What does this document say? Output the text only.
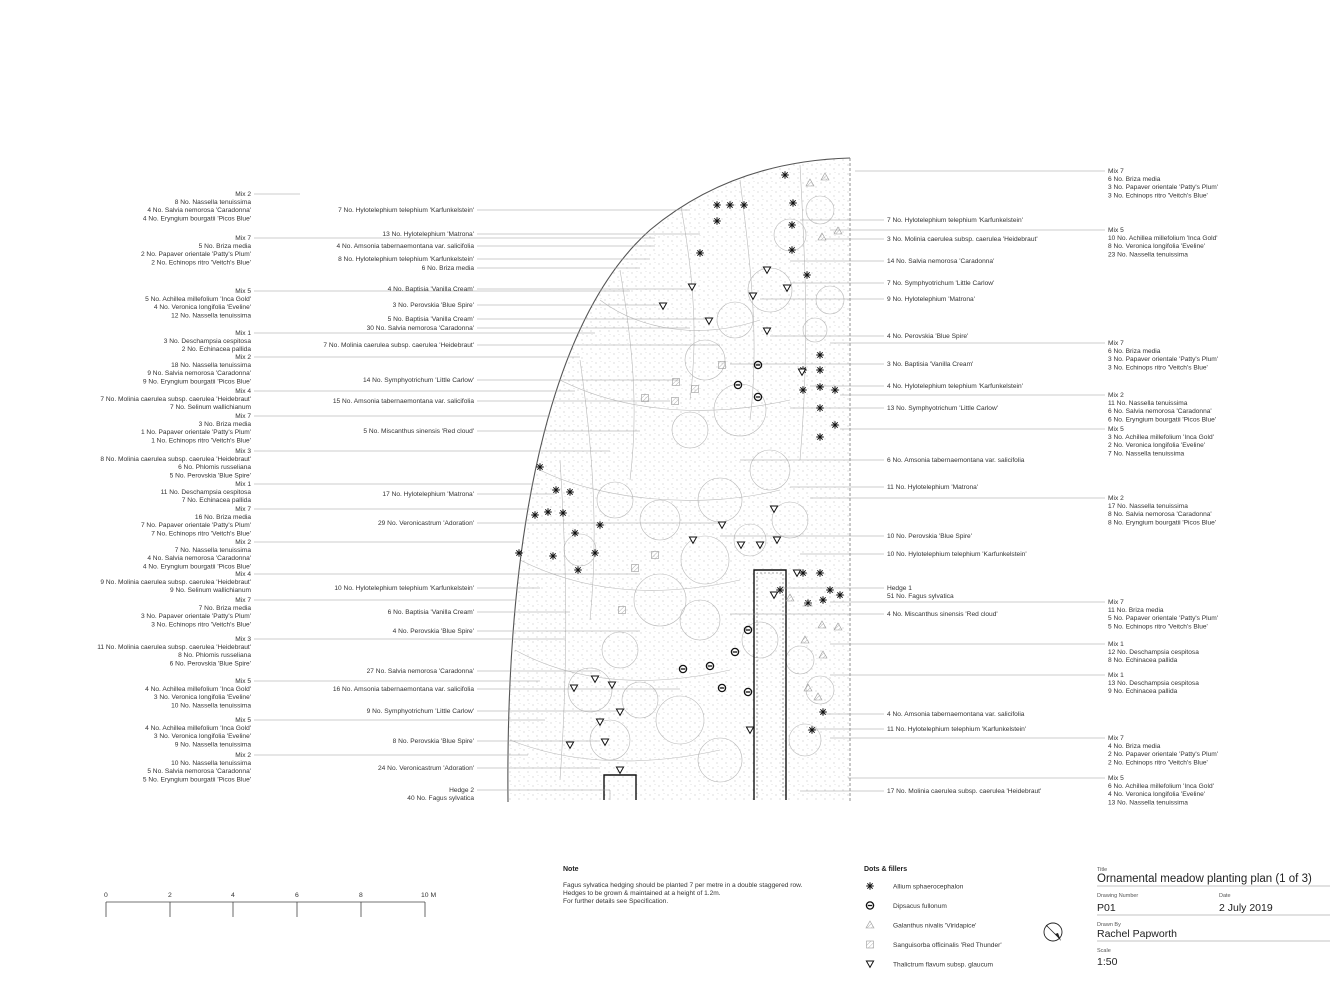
Mix 2
8 No. Nassella tenuissima
4 No. Salvia nemorosa 'Caradonna'
4 No. Eryngium bourgatii 'Picos Blue'
Mix 7
5 No. Briza media
2 No. Papaver orientale 'Patty's Plum'
2 No. Echinops ritro 'Veitch's Blue'
Mix 5
5 No. Achillea millefolium 'Inca Gold'
4 No. Veronica longifolia 'Eveline'
12 No. Nassella tenuissima
Mix 1
3 No. Deschampsia cespitosa
2 No. Echinacea pallida
Mix 2
18 No. Nassella tenuissima
9 No. Salvia nemorosa 'Caradonna'
9 No. Eryngium bourgatii 'Picos Blue'
Mix 4
7 No. Molinia caerulea subsp. caerulea 'Heidebraut'
7 No. Selinum wallichianum
Mix 7
3 No. Briza media
1 No. Papaver orientale 'Patty's Plum'
1 No. Echinops ritro 'Veitch's Blue'
Mix 3
8 No. Molinia caerulea subsp. caerulea 'Heidebraut'
6 No. Phlomis russeliana
5 No. Perovskia 'Blue Spire'
Mix 1
11 No. Deschampsia cespitosa
7 No. Echinacea pallida
Mix 7
16 No. Briza media
7 No. Papaver orientale 'Patty's Plum'
7 No. Echinops ritro 'Veitch's Blue'
Mix 2
7 No. Nassella tenuissima
4 No. Salvia nemorosa 'Caradonna'
4 No. Eryngium bourgatii 'Picos Blue'
Mix 4
9 No. Molinia caerulea subsp. caerulea 'Heidebraut'
9 No. Selinum wallichianum
Mix 7
7 No. Briza media
3 No. Papaver orientale 'Patty's Plum'
3 No. Echinops ritro 'Veitch's Blue'
Mix 3
11 No. Molinia caerulea subsp. caerulea 'Heidebraut'
8 No. Phlomis russeliana
6 No. Perovskia 'Blue Spire'
Mix 5
4 No. Achillea millefolium 'Inca Gold'
3 No. Veronica longifolia 'Eveline'
10 No. Nassella tenuissima
Mix 5
4 No. Achillea millefolium 'Inca Gold'
3 No. Veronica longifolia 'Eveline'
9 No. Nassella tenuissima
Mix 2
10 No. Nassella tenuissima
5 No. Salvia nemorosa 'Caradonna'
5 No. Eryngium bourgatii 'Picos Blue'
7 No. Hylotelephium telephium 'Karfunkelstein'
13 No. Hylotelephium 'Matrona'
4 No. Amsonia tabernaemontana var. salicifolia
8 No. Hylotelephium telephium 'Karfunkelstein'
6 No. Briza media
4 No. Baptisia 'Vanilla Cream'
3 No. Perovskia 'Blue Spire'
5 No. Baptisia 'Vanilla Cream'
30 No. Salvia nemorosa 'Caradonna'
7 No. Molinia caerulea subsp. caerulea 'Heidebraut'
14 No. Symphyotrichum 'Little Carlow'
15 No. Amsonia tabernaemontana var. salicifolia
5 No. Miscanthus sinensis 'Red cloud'
17 No. Hylotelephium 'Matrona'
29 No. Veronicastrum 'Adoration'
10 No. Hylotelephium telephium 'Karfunkelstein'
6 No. Baptisia 'Vanilla Cream'
4 No. Perovskia 'Blue Spire'
27 No. Salvia nemorosa 'Caradonna'
16 No. Amsonia tabernaemontana var. salicifolia
9 No. Symphyotrichum 'Little Carlow'
8 No. Perovskia 'Blue Spire'
24 No. Veronicastrum 'Adoration'
Hedge 2
40 No. Fagus sylvatica
7 No. Hylotelephium telephium 'Karfunkelstein'
3 No. Molinia caerulea subsp. caerulea 'Heidebraut'
14 No. Salvia nemorosa 'Caradonna'
7 No. Symphyotrichum 'Little Carlow'
9 No. Hylotelephium 'Matrona'
4 No. Perovskia 'Blue Spire'
3 No. Baptisia 'Vanilla Cream'
4 No. Hylotelephium telephium 'Karfunkelstein'
13 No. Symphyotrichum 'Little Carlow'
6 No. Amsonia tabernaemontana var. salicifolia
11 No. Hylotelephium 'Matrona'
10 No. Perovskia 'Blue Spire'
10 No. Hylotelephium telephium 'Karfunkelstein'
4 No. Miscanthus sinensis 'Red cloud'
4 No. Amsonia tabernaemontana var. salicifolia
11 No. Hylotelephium telephium 'Karfunkelstein'
17 No. Molinia caerulea subsp. caerulea 'Heidebraut'
Hedge 1
51 No. Fagus sylvatica
Mix 7
6 No. Briza media
3 No. Papaver orientale 'Patty's Plum'
3 No. Echinops ritro 'Veitch's Blue'
Mix 5
10 No. Achillea millefolium 'Inca Gold'
8 No. Veronica longifolia 'Eveline'
23 No. Nassella tenuissima
Mix 7
6 No. Briza media
3 No. Papaver orientale 'Patty's Plum'
3 No. Echinops ritro 'Veitch's Blue'
Mix 2
11 No. Nassella tenuissima
6 No. Salvia nemorosa 'Caradonna'
6 No. Eryngium bourgatii 'Picos Blue'
Mix 5
3 No. Achillea millefolium 'Inca Gold'
2 No. Veronica longifolia 'Eveline'
7 No. Nassella tenuissima
Mix 2
17 No. Nassella tenuissima
8 No. Salvia nemorosa 'Caradonna'
8 No. Eryngium bourgatii 'Picos Blue'
Mix 7
11 No. Briza media
5 No. Papaver orientale 'Patty's Plum'
5 No. Echinops ritro 'Veitch's Blue'
Mix 1
12 No. Deschampsia cespitosa
8 No. Echinacea pallida
Mix 1
13 No. Deschampsia cespitosa
9 No. Echinacea pallida
Mix 7
4 No. Briza media
2 No. Papaver orientale 'Patty's Plum'
2 No. Echinops ritro 'Veitch's Blue'
Mix 5
6 No. Achillea millefolium 'Inca Gold'
4 No. Veronica longifolia 'Eveline'
13 No. Nassella tenuissima
0	2	4	6	8	10 M
Note
Fagus sylvatica hedging should be planted 7 per metre in a double staggered row.
Hedges to be grown & maintained at a height of 1.2m.
For further details see Specification.
Dots & fillers
Allium sphaerocephalon
Dipsacus fullonum
Galanthus nivalis 'Viridapice'
Sanguisorba officinalis 'Red Thunder'
Thalictrum flavum subsp. glaucum
Title
Ornamental meadow planting plan (1 of 3)
Drawing Number
P01
Date
2 July 2019
Drawn By
Rachel Papworth
Scale
1:50
